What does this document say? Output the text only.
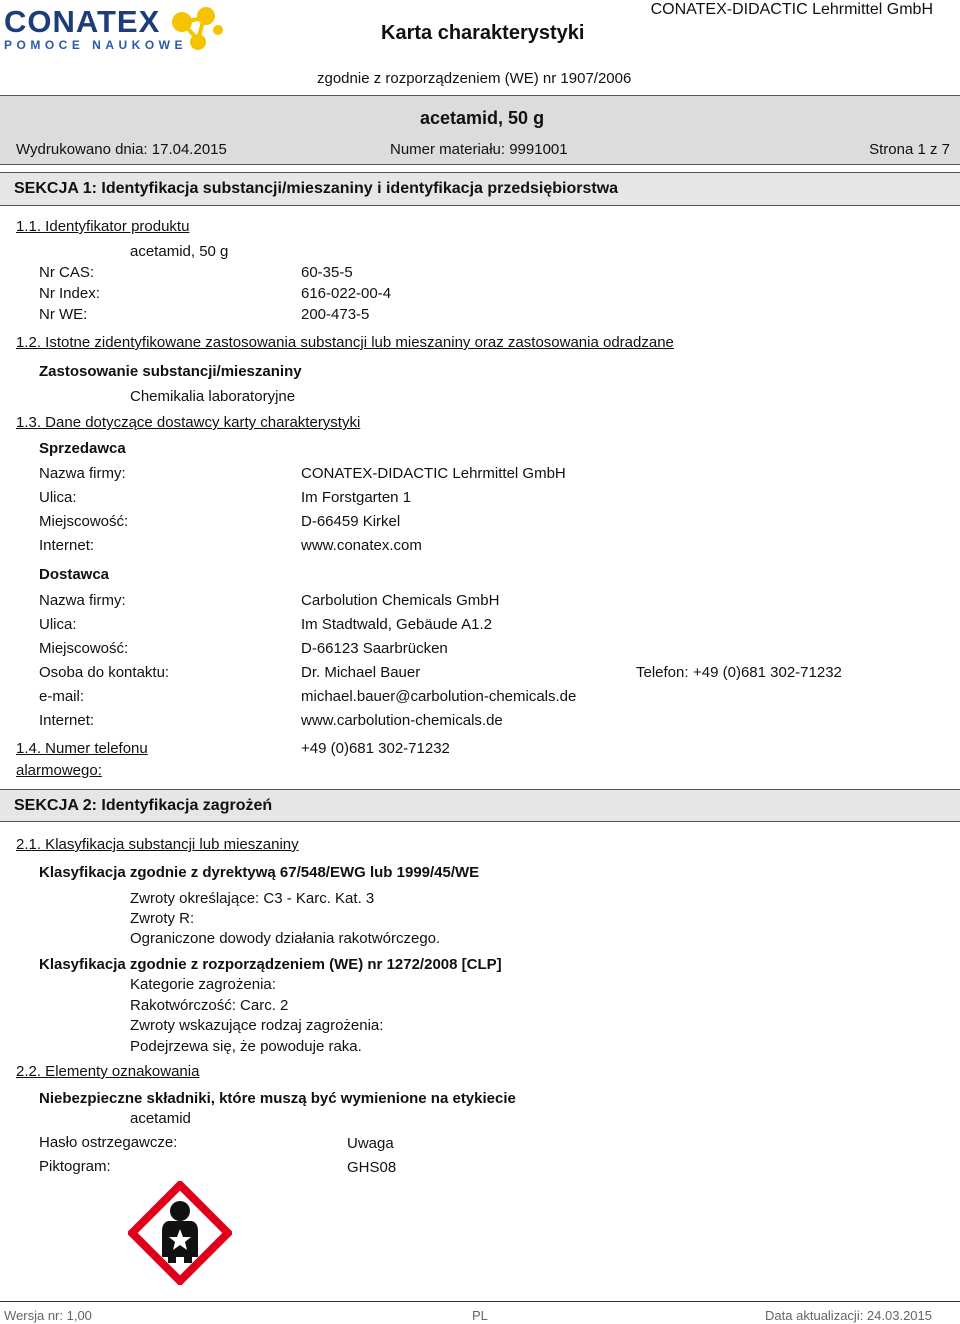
CONATEX
POMOCE NAUKOWE
Karta charakterystyki
CONATEX-DIDACTIC Lehrmittel GmbH
zgodnie z rozporządzeniem (WE) nr 1907/2006
acetamid, 50 g
Wydrukowano dnia: 17.04.2015	Numer materiału: 9991001	Strona 1 z 7
SEKCJA 1: Identyfikacja substancji/mieszaniny i identyfikacja przedsiębiorstwa
1.1. Identyfikator produktu
acetamid, 50 g
Nr CAS:	60-35-5
Nr Index:	616-022-00-4
Nr WE:	200-473-5
1.2. Istotne zidentyfikowane zastosowania substancji lub mieszaniny oraz zastosowania odradzane
Zastosowanie substancji/mieszaniny
Chemikalia laboratoryjne
1.3. Dane dotyczące dostawcy karty charakterystyki
Sprzedawca
Nazwa firmy:	CONATEX-DIDACTIC Lehrmittel GmbH
Ulica:	Im Forstgarten 1
Miejscowość:	D-66459 Kirkel
Internet:	www.conatex.com
Dostawca
Nazwa firmy:	Carbolution Chemicals GmbH
Ulica:	Im Stadtwald, Gebäude A1.2
Miejscowość:	D-66123 Saarbrücken
Osoba do kontaktu:	Dr. Michael Bauer	Telefon: +49 (0)681 302-71232
e-mail:	michael.bauer@carbolution-chemicals.de
Internet:	www.carbolution-chemicals.de
1.4. Numer telefonu
alarmowego:
+49 (0)681 302-71232
SEKCJA 2: Identyfikacja zagrożeń
2.1. Klasyfikacja substancji lub mieszaniny
Klasyfikacja zgodnie z dyrektywą 67/548/EWG lub 1999/45/WE
Zwroty określające: C3 - Karc. Kat. 3
Zwroty R:
Ograniczone dowody działania rakotwórczego.
Klasyfikacja zgodnie z rozporządzeniem (WE) nr 1272/2008 [CLP]
Kategorie zagrożenia:
Rakotwórczość: Carc. 2
Zwroty wskazujące rodzaj zagrożenia:
Podejrzewa się, że powoduje raka.
2.2. Elementy oznakowania
Niebezpieczne składniki, które muszą być wymienione na etykiecie
acetamid
Hasło ostrzegawcze:	Uwaga
Piktogram:	GHS08
Wersja nr: 1,00	PL	Data aktualizacji: 24.03.2015
